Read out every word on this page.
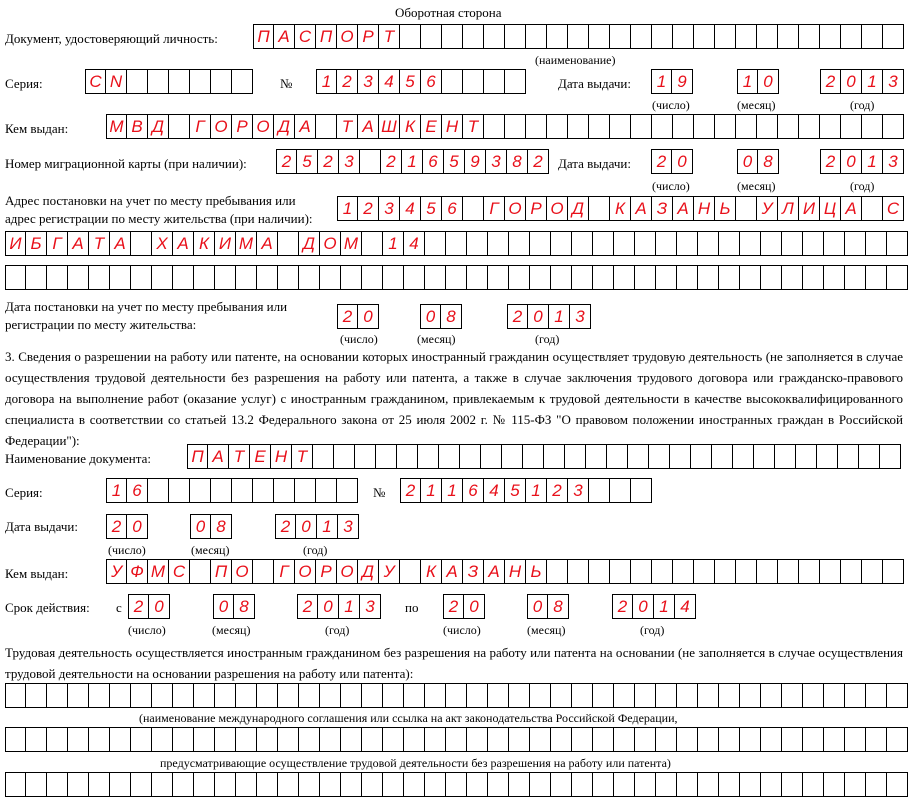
Оборотная сторона
Документ, удостоверяющий личность: П А С П О Р Т
(наименование)
Серия:	C N	№	1 2 3 4 5 6	Дата выдачи:	1 9	1 0	2 0 1 3
(число)	(месяц)	(год)
Кем выдан: М В Д	Г О Р О Д А	Т А Ш К Е Н Т
Номер миграционной карты (при наличии):	2 5 2 3	2 1 6 5 9 3 8 2	Дата выдачи:	2 0	0 8	2 0 1 3
(число)	(месяц)	(год)
Адрес постановки на учет по месту пребывания или
адрес регистрации по месту жительства (при наличии):
1 2 3 4 5 6	Г О Р О Д К А З А Н Ь	У Л И Ц А	С
И Б Г А Т А	Х А К И М А	Д О М	1 4
Дата постановки на учет по месту пребывания или
регистрации по месту жительства:	2 0	0 8	2 0 1 3
(число)	(месяц)	(год)
3. Сведения о разрешении на работу или патенте, на основании которых иностранный гражданин осуществляет трудовую деятельность (не заполняется в случае осуществления трудовой деятельности без разрешения на работу или патента, а также в случае заключения трудового договора или гражданско-правового договора на выполнение работ (оказание услуг) с иностранным гражданином, привлекаемым к трудовой деятельности в качестве высококвалифицированного специалиста в соответствии со статьей 13.2 Федерального закона от 25 июля 2002 г. № 115-ФЗ "О правовом положении иностранных граждан в Российской Федерации"):
Наименование документа: П А Т Е Н Т
Серия:	1 6	№	2 1 1 6 4 5 1 2 3
Дата выдачи:	2 0	0 8	2 0 1 3
(число)	(месяц)	(год)
Кем выдан:	У Ф М С П О	Г О Р О Д У	К А З А Н Ь
Срок действия: с 2 0	0 8	2 0 1 3	по	2 0	0 8	2 0 1 4
(число)	(месяц)	(год)	(число)	(месяц)	(год)
Трудовая деятельность осуществляется иностранным гражданином без разрешения на работу или патента на основании (не заполняется в случае осуществления трудовой деятельности на основании разрешения на работу или патента):
(наименование международного соглашения или ссылка на акт законодательства Российской Федерации,
предусматривающие осуществление трудовой деятельности без разрешения на работу или патента)
